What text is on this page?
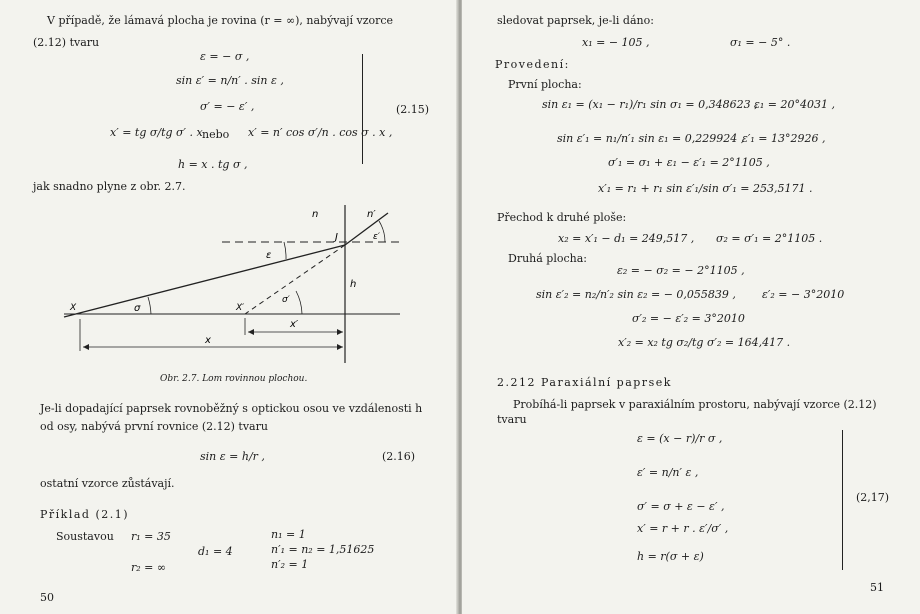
V případě, že lámavá plocha je rovina (r = ∞), nabývají vzorce
(2.12) tvaru
ε = − σ ,
sin ε′ = n/n′ . sin ε ,
σ′ = − ε′ ,
x′ = tg σ/tg σ′ . x nebo x′ = n′ cos σ′/n . cos σ . x ,
h = x . tg σ ,
(2.15)
jak snadno plyne z obr. 2.7.
n	n′
J	ε′
ε
h
σ	X′
X
σ′
x′
x
Obr. 2.7. Lom rovinnou plochou.
Je-li dopadající paprsek rovnoběžný s optickou osou ve vzdálenosti h
od osy, nabývá první rovnice (2.12) tvaru
sin ε = h/r ,	(2.16)
ostatní vzorce zůstávají.
Příklad (2.1)
Soustavou r₁ = 35	n₁ = 1
d₁ = 4	n′₁ = n₂ = 1,51625
r₂ = ∞	n′₂ = 1
50
sledovat paprsek, je-li dáno:
x₁ = − 105 ,	σ₁ = − 5° .
Provedení:
První plocha:
sin ε₁ = (x₁ − r₁)/r₁ sin σ₁ = 0,348623 ,
ε₁ = 20°4031 ,
sin ε′₁ = n₁/n′₁ sin ε₁ = 0,229924 ,
ε′₁ = 13°2926 ,
σ′₁ = σ₁ + ε₁ − ε′₁ = 2°1105 ,
x′₁ = r₁ + r₁ sin ε′₁/sin σ′₁ = 253,5171 .
Přechod k druhé ploše:
x₂ = x′₁ − d₁ = 249,517 , σ₂ = σ′₁ = 2°1105 .
Druhá plocha:
ε₂ = − σ₂ = − 2°1105 ,
sin ε′₂ = n₂/n′₂ sin ε₂ = − 0,055839 , ε′₂ = − 3°2010
σ′₂ = − ε′₂ = 3°2010
x′₂ = x₂ tg σ₂/tg σ′₂ = 164,417 .
2.212 Paraxiální paprsek
Probíhá-li paprsek v paraxiálním prostoru, nabývají vzorce (2.12)
tvaru
ε = (x − r)/r σ ,
ε′ = n/n′ ε ,
σ′ = σ + ε − ε′ ,
x′ = r + r . ε′/σ′ ,
h = r(σ + ε)
(2,17)
51
